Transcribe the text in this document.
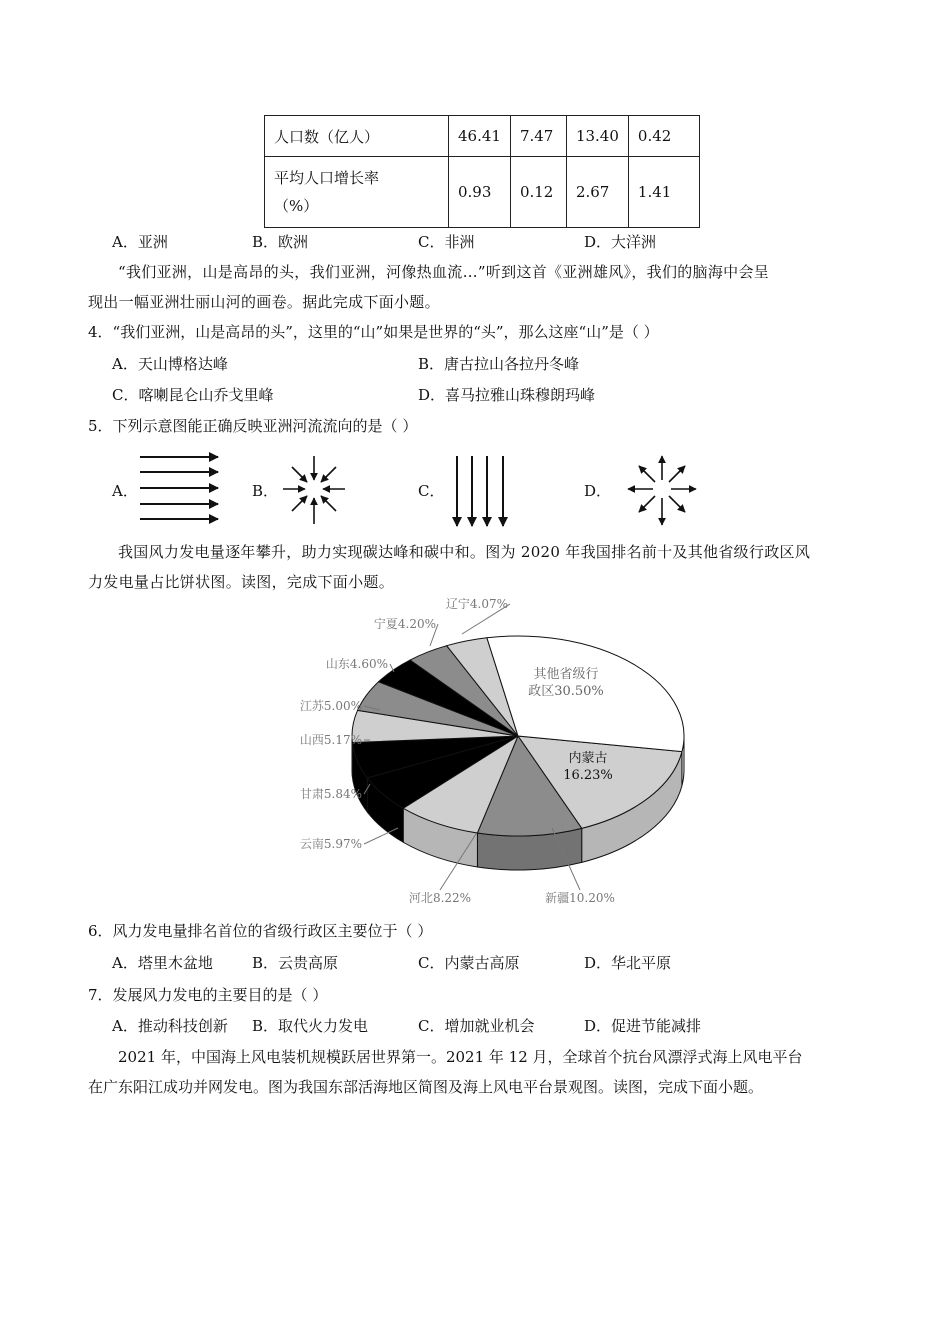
人口数（亿人）	46.41	7.47	13.40	0.42

平均人口增长率
（%）	0.93	0.12	2.67	1.41
A．亚洲	B．欧洲	C．非洲	D．大洋洲
“我们亚洲，山是高昂的头，我们亚洲，河像热血流…”听到这首《亚洲雄风》，我们的脑海中会呈
现出一幅亚洲壮丽山河的画卷。据此完成下面小题。
4．“我们亚洲，山是高昂的头”，这里的“山”如果是世界的“头”，那么这座“山”是（ ）
A．天山博格达峰	B．唐古拉山各拉丹冬峰
C．喀喇昆仑山乔戈里峰	D．喜马拉雅山珠穆朗玛峰
5．下列示意图能正确反映亚洲河流流向的是（ ）
A．	B．	C．	D．
我国风力发电量逐年攀升，助力实现碳达峰和碳中和。图为 2020 年我国排名前十及其他省级行政区风
力发电量占比饼状图。读图，完成下面小题。
内蒙古
16.23%
新疆10.20%
河北8.22%
云南5.97%
甘肃5.84%
山西5.17%
江苏5.00%
山东4.60%
宁夏4.20%
辽宁4.07%
其他省级行
政区30.50%
6．风力发电量排名首位的省级行政区主要位于（ ）
A．塔里木盆地	B．云贵高原	C．内蒙古高原	D．华北平原
7．发展风力发电的主要目的是（ ）
A．推动科技创新 B．取代火力发电	C．增加就业机会	D．促进节能减排
2021 年，中国海上风电装机规模跃居世界第一。2021 年 12 月，全球首个抗台风漂浮式海上风电平台
在广东阳江成功并网发电。图为我国东部活海地区简图及海上风电平台景观图。读图，完成下面小题。
